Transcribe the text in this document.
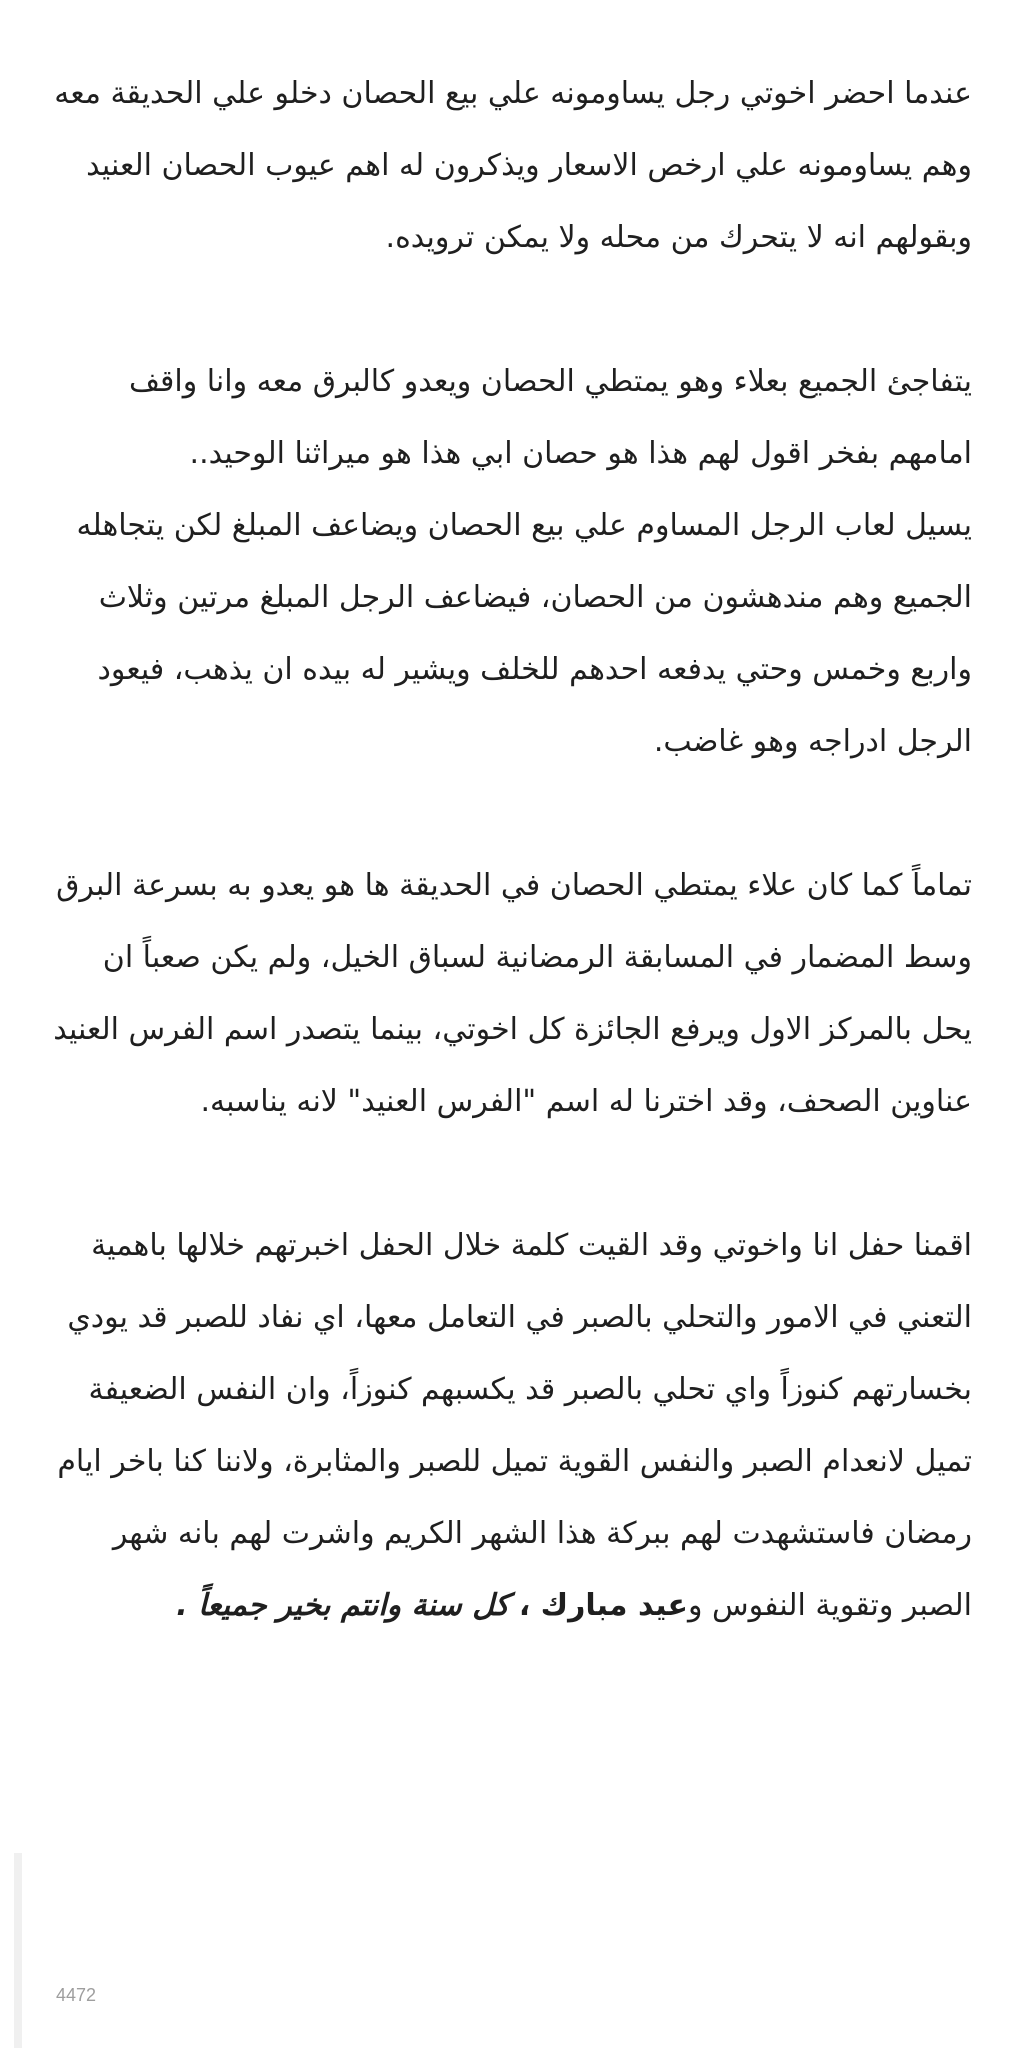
عندما احضر اخوتي رجل يساومونه علي بيع الحصان دخلو علي الحديقة معه وهم يساومونه علي ارخص الاسعار ويذكرون له اهم عيوب الحصان العنيد وبقولهم انه لا يتحرك من محله ولا يمكن ترويده.

يتفاجئ الجميع بعلاء وهو يمتطي الحصان ويعدو كالبرق معه وانا واقف امامهم بفخر اقول لهم هذا هو حصان ابي هذا هو ميراثنا الوحيد..

يسيل لعاب الرجل المساوم علي بيع الحصان ويضاعف المبلغ لكن يتجاهله الجميع وهم مندهشون من الحصان، فيضاعف الرجل المبلغ مرتين وثلاث واربع وخمس وحتي يدفعه احدهم للخلف ويشير له بيده ان يذهب، فيعود الرجل ادراجه وهو غاضب.

تماماً كما كان علاء يمتطي الحصان في الحديقة ها هو يعدو به بسرعة البرق وسط المضمار في المسابقة الرمضانية لسباق الخيل، ولم يكن صعباً ان يحل بالمركز الاول ويرفع الجائزة كل اخوتي، بينما يتصدر اسم الفرس العنيد عناوين الصحف، وقد اخترنا له اسم "الفرس العنيد" لانه يناسبه.

اقمنا حفل انا واخوتي وقد القيت كلمة خلال الحفل اخبرتهم خلالها باهمية التعني في الامور والتحلي بالصبر في التعامل معها، اي نفاد للصبر قد يودي بخسارتهم كنوزاً واي تحلي بالصبر قد يكسبهم كنوزاً، وان النفس الضعيفة تميل لانعدام الصبر والنفس القوية تميل للصبر والمثابرة، ولاننا كنا باخر ايام رمضان فاستشهدت لهم ببركة هذا الشهر الكريم واشرت لهم بانه شهر الصبر وتقوية النفوس وعيد مبارك ، كل سنة وانتم بخير جميعاً .

4472
